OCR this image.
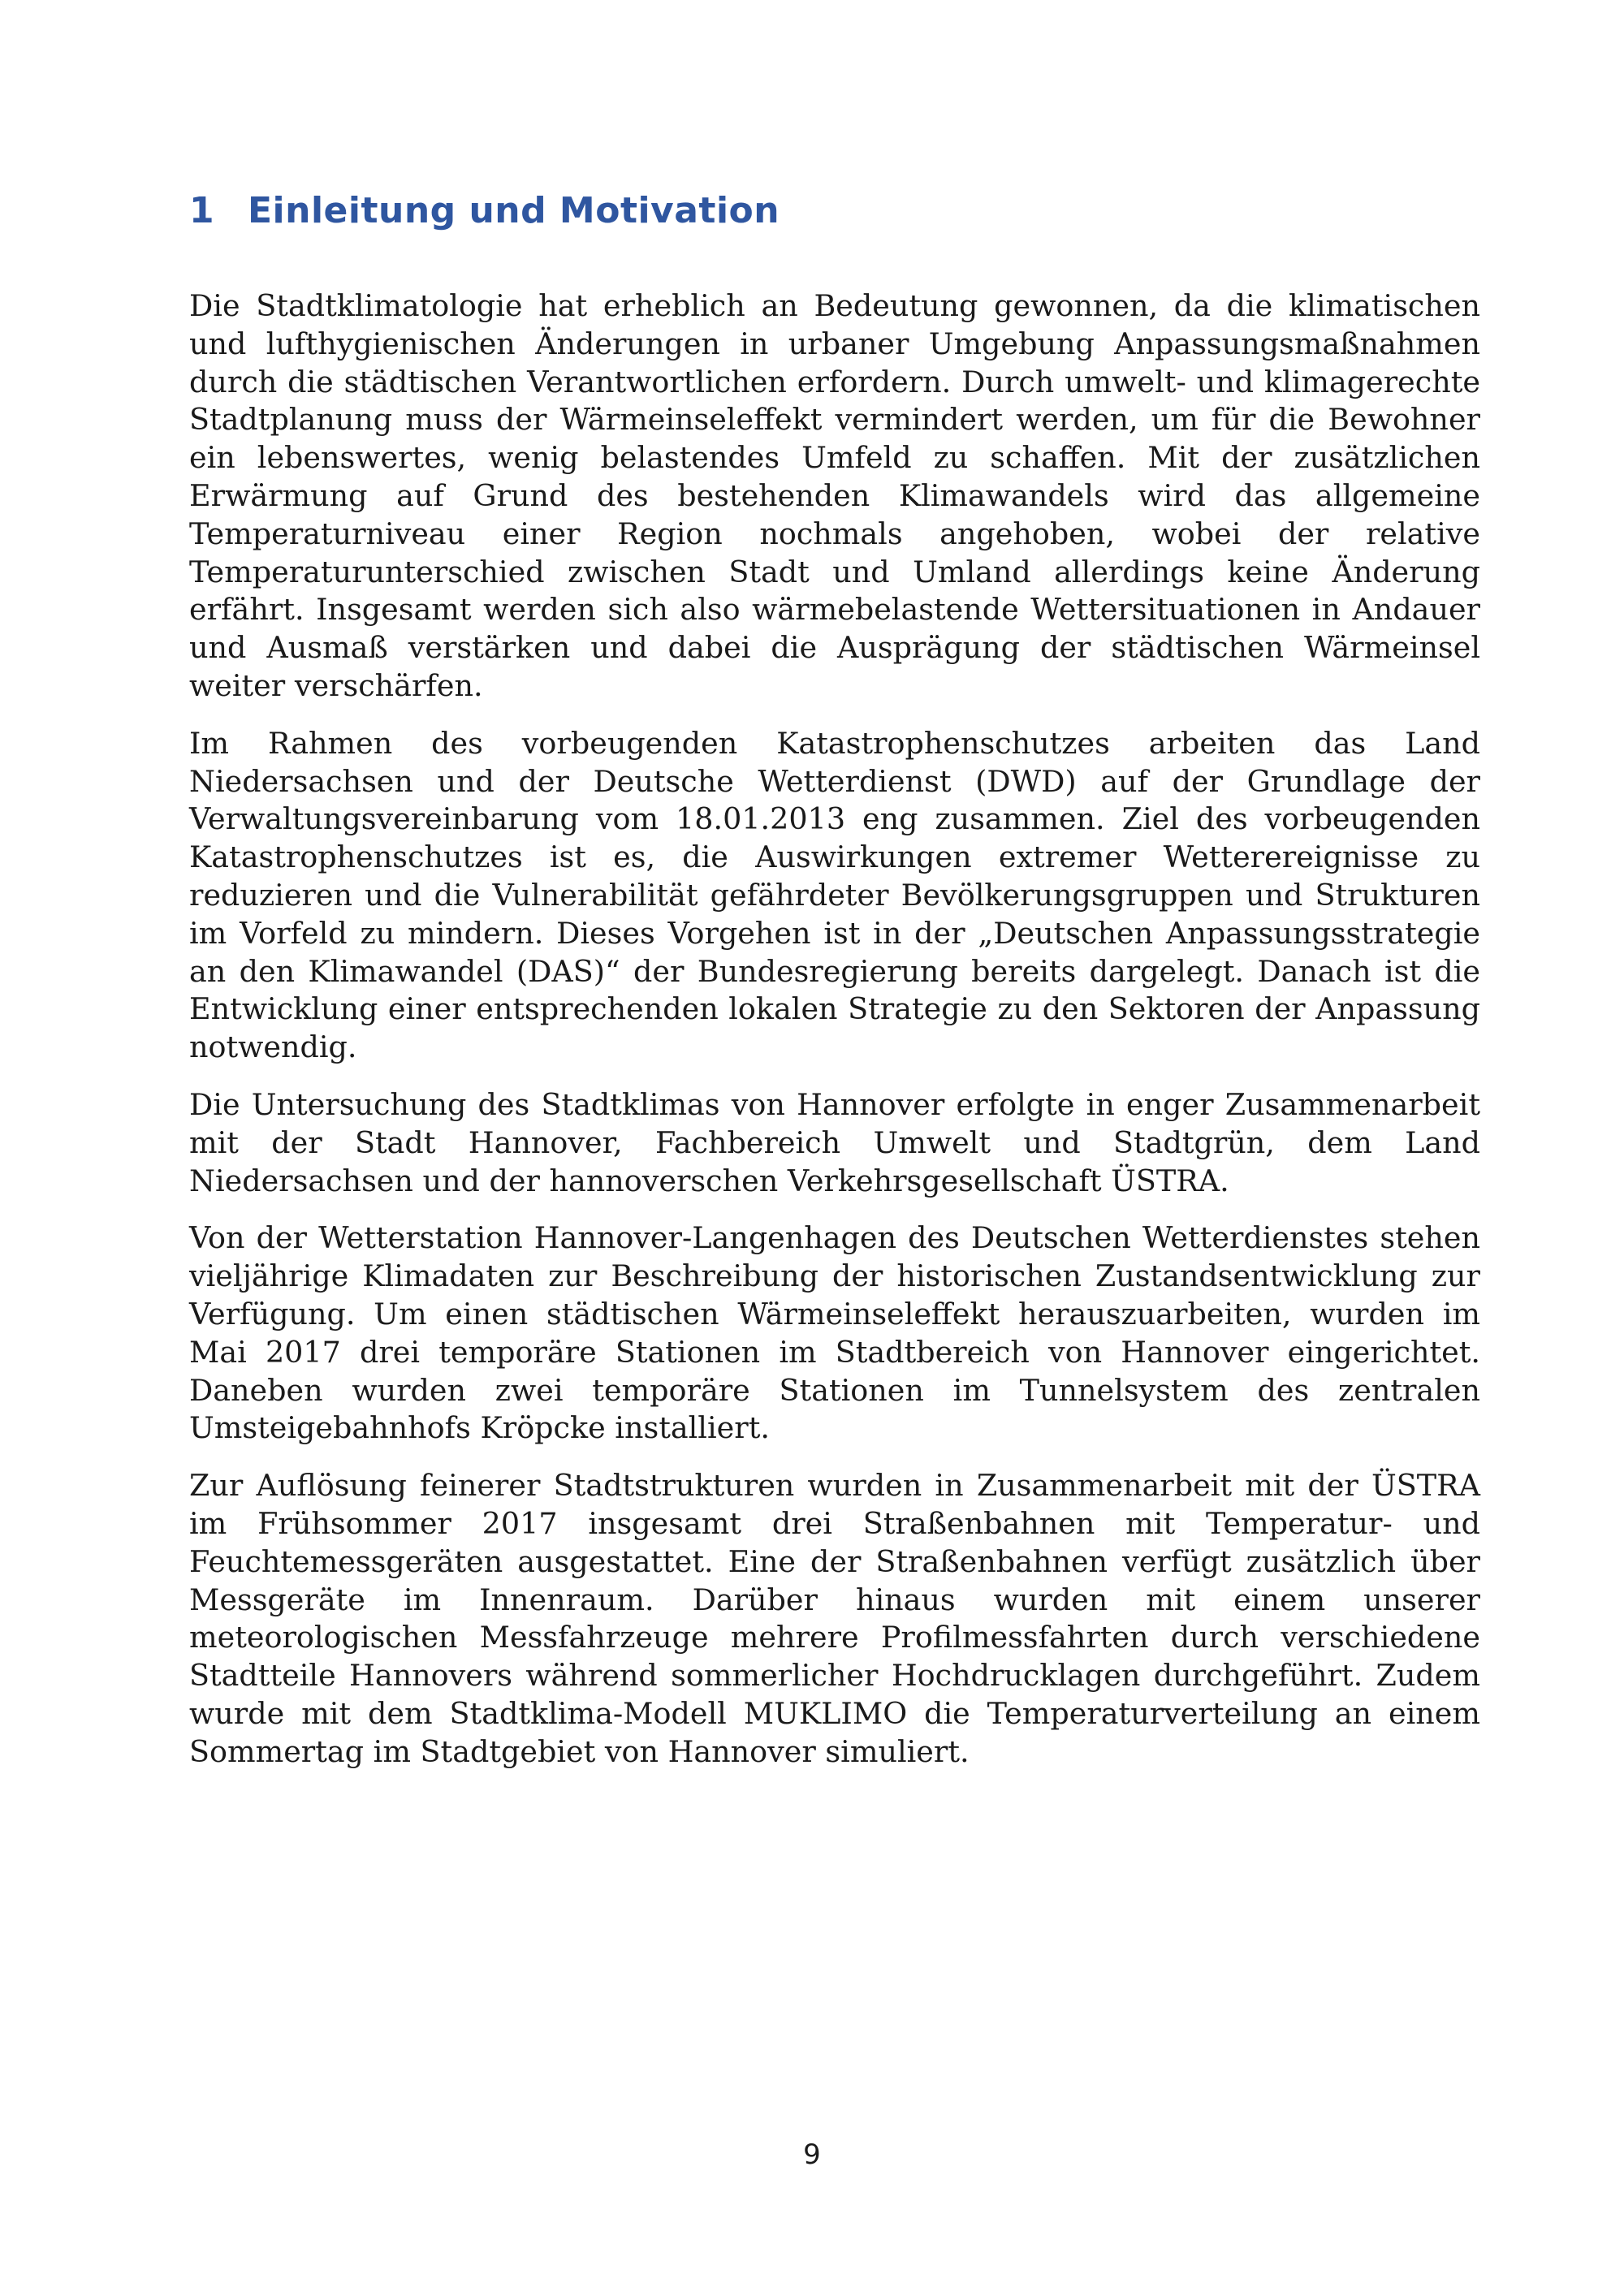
1 Einleitung und Motivation

Die Stadtklimatologie hat erheblich an Bedeutung gewonnen, da die klimatischen und lufthygienischen Änderungen in urbaner Umgebung Anpassungsmaßnahmen durch die städtischen Verantwortlichen erfordern. Durch umwelt- und klimagerechte Stadtplanung muss der Wärmeinseleffekt vermindert werden, um für die Bewohner ein lebenswertes, wenig belastendes Umfeld zu schaffen. Mit der zusätzlichen Erwärmung auf Grund des bestehenden Klimawandels wird das allgemeine Temperaturniveau einer Region nochmals angehoben, wobei der relative Temperaturunterschied zwischen Stadt und Umland allerdings keine Änderung erfährt. Insgesamt werden sich also wärmebelastende Wettersituationen in Andauer und Ausmaß verstärken und dabei die Ausprägung der städtischen Wärmeinsel weiter verschärfen.

Im Rahmen des vorbeugenden Katastrophenschutzes arbeiten das Land Niedersachsen und der Deutsche Wetterdienst (DWD) auf der Grundlage der Verwaltungsvereinbarung vom 18.01.2013 eng zusammen. Ziel des vorbeugenden Katastrophenschutzes ist es, die Auswirkungen extremer Wetterereignisse zu reduzieren und die Vulnerabilität gefährdeter Bevölkerungsgruppen und Strukturen im Vorfeld zu mindern. Dieses Vorgehen ist in der „Deutschen Anpassungsstrategie an den Klimawandel (DAS)“ der Bundesregierung bereits dargelegt. Danach ist die Entwicklung einer entsprechenden lokalen Strategie zu den Sektoren der Anpassung notwendig.

Die Untersuchung des Stadtklimas von Hannover erfolgte in enger Zusammenarbeit mit der Stadt Hannover, Fachbereich Umwelt und Stadtgrün, dem Land Niedersachsen und der hannoverschen Verkehrsgesellschaft ÜSTRA.

Von der Wetterstation Hannover-Langenhagen des Deutschen Wetterdienstes stehen vieljährige Klimadaten zur Beschreibung der historischen Zustandsentwicklung zur Verfügung. Um einen städtischen Wärmeinseleffekt herauszuarbeiten, wurden im Mai 2017 drei temporäre Stationen im Stadtbereich von Hannover eingerichtet. Daneben wurden zwei temporäre Stationen im Tunnelsystem des zentralen Umsteigebahnhofs Kröpcke installiert.

Zur Auflösung feinerer Stadtstrukturen wurden in Zusammenarbeit mit der ÜSTRA im Frühsommer 2017 insgesamt drei Straßenbahnen mit Temperatur- und Feuchtemessgeräten ausgestattet. Eine der Straßenbahnen verfügt zusätzlich über Messgeräte im Innenraum. Darüber hinaus wurden mit einem unserer meteorologischen Messfahrzeuge mehrere Profilmessfahrten durch verschiedene Stadtteile Hannovers während sommerlicher Hochdrucklagen durchgeführt. Zudem wurde mit dem Stadtklima-Modell MUKLIMO die Temperaturverteilung an einem Sommertag im Stadtgebiet von Hannover simuliert.

9
